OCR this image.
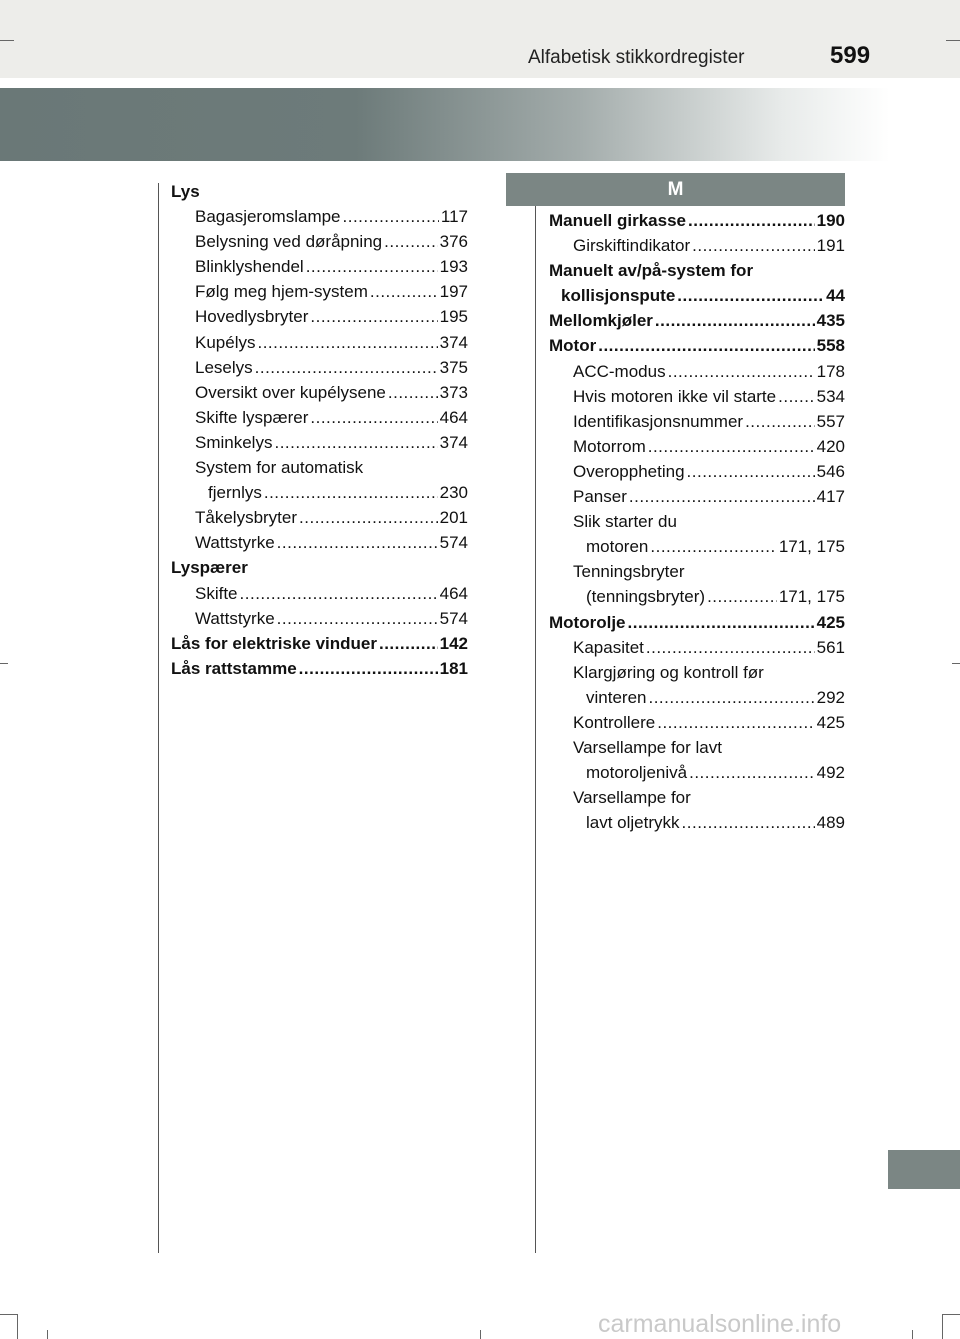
Alfabetisk stikkordregister	599
M
Lys
Bagasjeromslampe .....	117
Belysning ved døråpning .....	376
Blinklyshendel .....	193
Følg meg hjem-system .....	197
Hovedlysbryter .....	195
Kupélys .....	374
Leselys .....	375
Oversikt over kupélysene .....	373
Skifte lyspærer .....	464
Sminkelys .....	374
System for automatisk
fjernlys .....	230
Tåkelysbryter .....	201
Wattstyrke .....	574
Lyspærer
Skifte .....	464
Wattstyrke .....	574
Lås for elektriske vinduer .....	142
Lås rattstamme .....	181
Manuell girkasse .....	190
Girskiftindikator .....	191
Manuelt av/på-system for
kollisjonspute .....	44
Mellomkjøler .....	435
Motor .....	558
ACC-modus .....	178
Hvis motoren ikke vil starte ..... 534
Identifikasjonsnummer .....	557
Motorrom .....	420
Overoppheting .....	546
Panser .....	417
Slik starter du
motoren .....	171, 175
Tenningsbryter
(tenningsbryter) .....	171, 175
Motorolje .....	425
Kapasitet .....	561
Klargjøring og kontroll før
vinteren .....	292
Kontrollere .....	425
Varsellampe for lavt
motoroljenivå .....	492
Varsellampe for
lavt oljetrykk .....	489
carmanualsonline.info
